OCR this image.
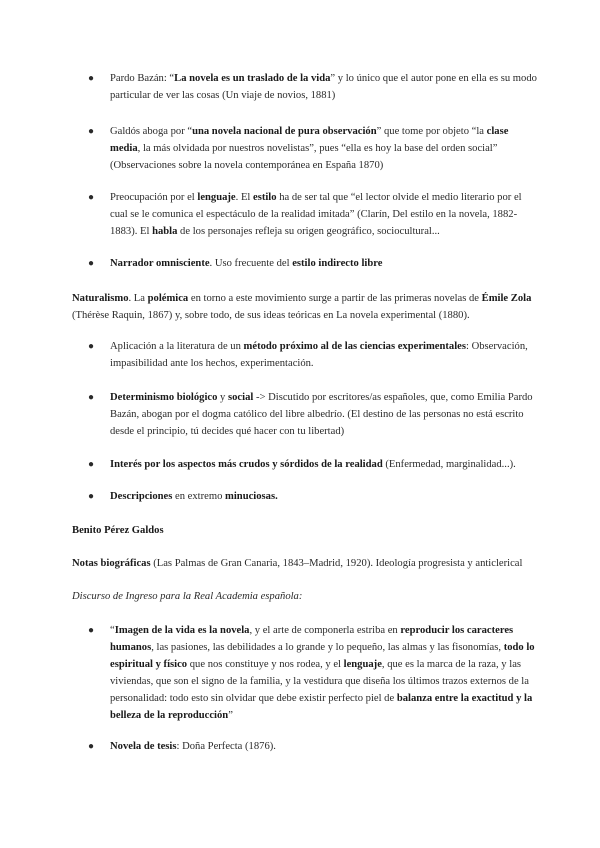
●	Pardo Bazán: “La novela es un traslado de la vida” y lo único que el autor pone en ella es su modo particular de ver las cosas (Un viaje de novios, 1881)

●	Galdós aboga por “una novela nacional de pura observación” que tome por objeto “la clase media, la más olvidada por nuestros novelistas”, pues “ella es hoy la base del orden social” (Observaciones sobre la novela contemporánea en España 1870)

●	Preocupación por el lenguaje. El estilo ha de ser tal que “el lector olvide el medio literario por el cual se le comunica el espectáculo de la realidad imitada” (Clarín, Del estilo en la novela, 1882-1883). El habla de los personajes refleja su origen geográfico, sociocultural...

●	Narrador omnisciente. Uso frecuente del estilo indirecto libre

Naturalismo. La polémica en torno a este movimiento surge a partir de las primeras novelas de Émile Zola (Thérèse Raquin, 1867) y, sobre todo, de sus ideas teóricas en La novela experimental (1880).

●	Aplicación a la literatura de un método próximo al de las ciencias experimentales: Observación, impasibilidad ante los hechos, experimentación.

●	Determinismo biológico y social -> Discutido por escritores/as españoles, que, como Emilia Pardo Bazán, abogan por el dogma católico del libre albedrío. (El destino de las personas no está escrito desde el principio, tú decides qué hacer con tu libertad)

●	Interés por los aspectos más crudos y sórdidos de la realidad (Enfermedad, marginalidad...).

●	Descripciones en extremo minuciosas.

Benito Pérez Galdos

Notas biográficas (Las Palmas de Gran Canaria, 1843–Madrid, 1920). Ideología progresista y anticlerical

Discurso de Ingreso para la Real Academia española:

●	“Imagen de la vida es la novela, y el arte de componerla estriba en reproducir los caracteres humanos, las pasiones, las debilidades a lo grande y lo pequeño, las almas y las fisonomías, todo lo espiritual y físico que nos constituye y nos rodea, y el lenguaje, que es la marca de la raza, y las viviendas, que son el signo de la familia, y la vestidura que diseña los últimos trazos externos de la personalidad: todo esto sin olvidar que debe existir perfecto piel de balanza entre la exactitud y la belleza de la reproducción”

●	Novela de tesis: Doña Perfecta (1876).
